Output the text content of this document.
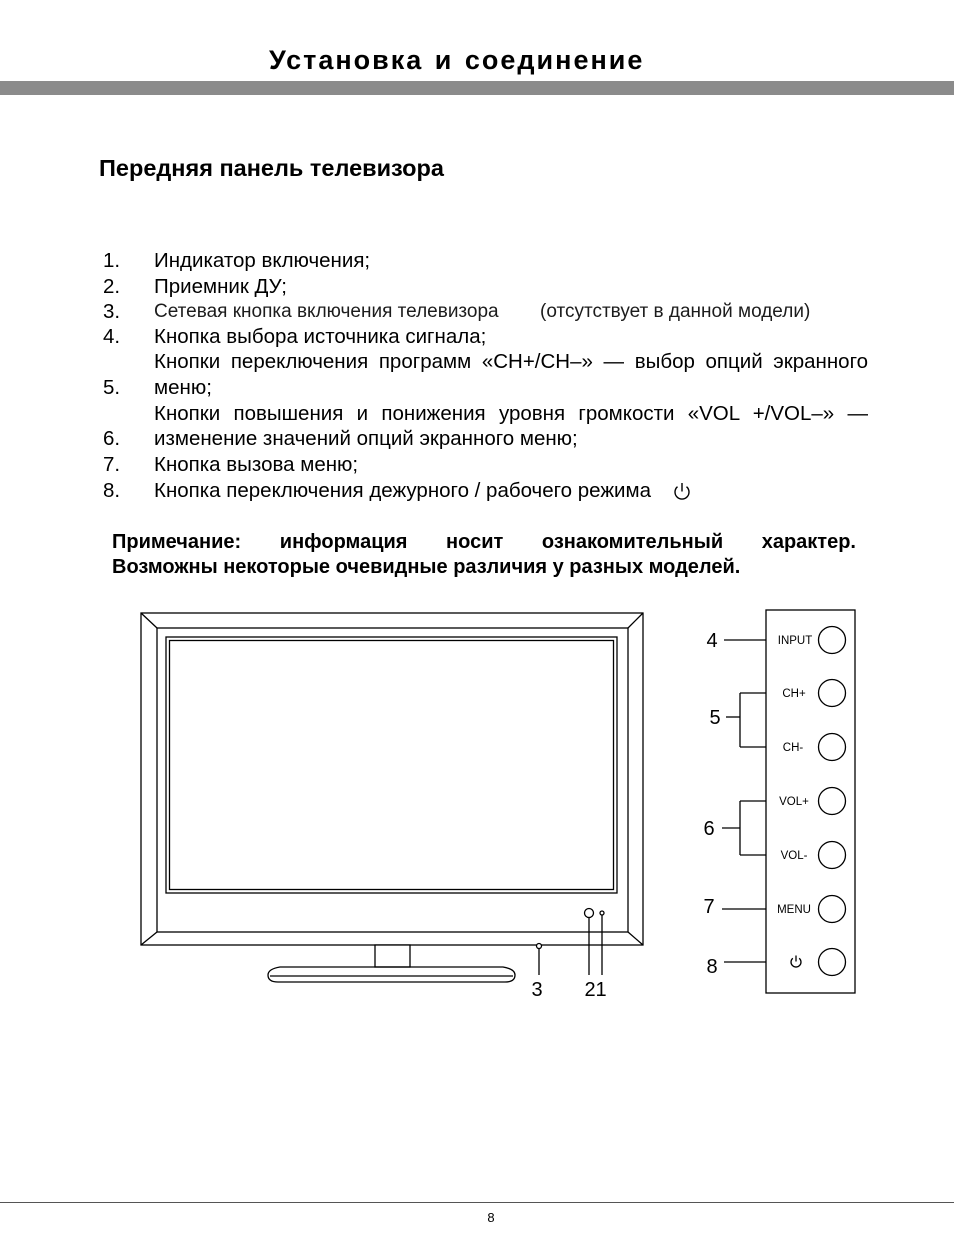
Установка и соединение
Передняя панель телевизора
1. Индикатор включения;
2. Приемник ДУ;
3. Сетевая кнопка включения телевизора (отсутствует в данной модели)
4. Кнопка выбора источника сигнала;
Кнопки переключения программ «CH+/CH–» — выбор опций экранного
5. меню;
Кнопки повышения и понижения уровня громкости «VOL +/VOL–» —
6. изменение значений опций экранного меню;
7. Кнопка вызова меню;
8. Кнопка переключения дежурного / рабочего режима
Примечание: информация носит ознакомительный характер.
Возможны некоторые очевидные различия у разных моделей.
3 2 1
INPUT
CH+
CH-
VOL+
VOL-
MENU
4
5
6
7
8
8
